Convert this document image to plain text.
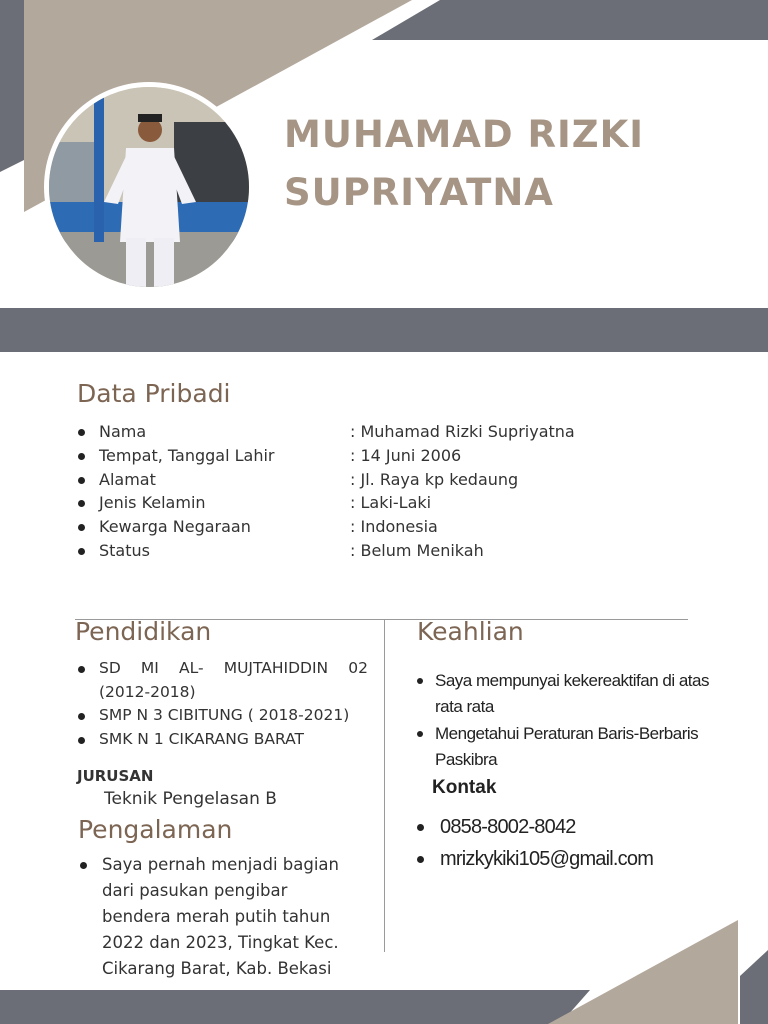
MUHAMAD RIZKI
SUPRIYATNA
Data Pribadi
Nama	: Muhamad Rizki Supriyatna
Tempat, Tanggal Lahir	: 14 Juni 2006
Alamat	: Jl. Raya kp kedaung
Jenis Kelamin	: Laki-Laki
Kewarga Negaraan	: Indonesia
Status	: Belum Menikah
Pendidikan
SD MI AL- MUJTAHIDDIN 02
(2012-2018)
SMP N 3 CIBITUNG ( 2018-2021)
SMK N 1 CIKARANG BARAT
JURUSAN
Teknik Pengelasan B
Pengalaman
Saya pernah menjadi bagian
dari pasukan pengibar
bendera merah putih tahun
2022 dan 2023, Tingkat Kec.
Cikarang Barat, Kab. Bekasi
Keahlian
Saya mempunyai kekereaktifan di atas
rata rata
Mengetahui Peraturan Baris-Berbaris
Paskibra
Kontak
0858-8002-8042
mrizkykiki105@gmail.com
